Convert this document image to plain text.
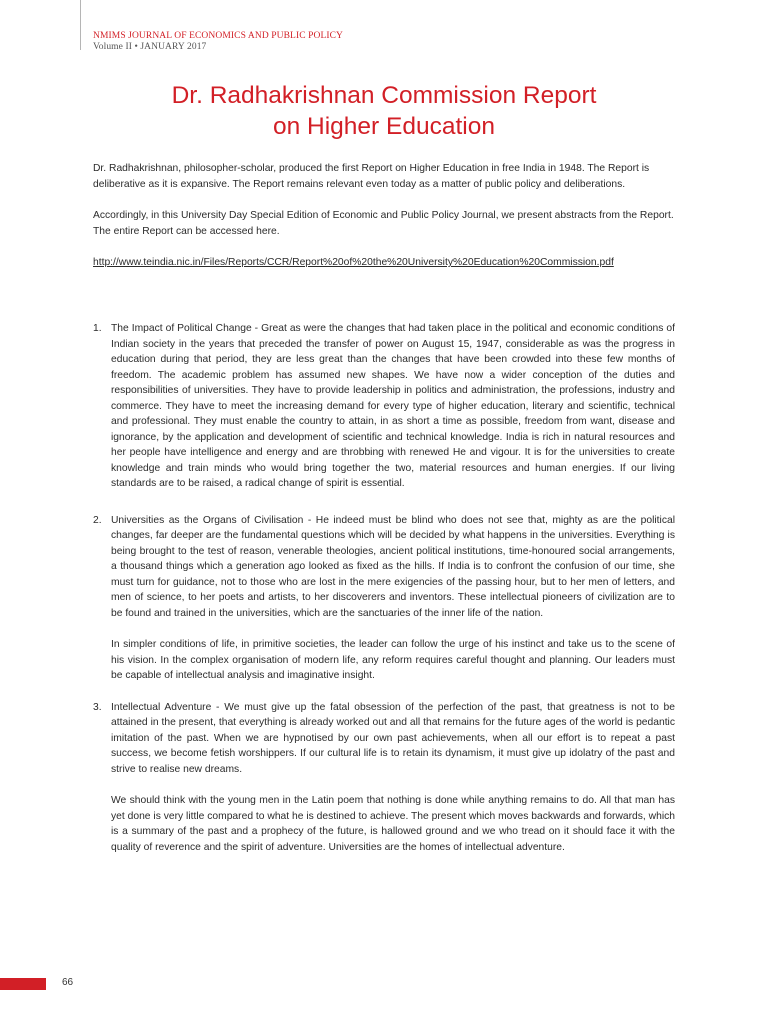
NMIMS JOURNAL OF ECONOMICS AND PUBLIC POLICY
Volume II • JANUARY 2017
Dr. Radhakrishnan Commission Report
on Higher Education

Dr. Radhakrishnan, philosopher-scholar, produced the first Report on Higher Education in free India in 1948. The Report is deliberative as it is expansive. The Report remains relevant even today as a matter of public policy and deliberations.

Accordingly, in this University Day Special Edition of Economic and Public Policy Journal, we present abstracts from the Report. The entire Report can be accessed here.

http://www.teindia.nic.in/Files/Reports/CCR/Report%20of%20the%20University%20Education%20Commission.pdf
1. The Impact of Political Change - Great as were the changes that had taken place in the political and economic conditions of Indian society in the years that preceded the transfer of power on August 15, 1947, considerable as was the progress in education during that period, they are less great than the changes that have been crowded into these few months of freedom. The academic problem has assumed new shapes. We have now a wider conception of the duties and responsibilities of universities. They have to provide leadership in politics and administration, the professions, industry and commerce. They have to meet the increasing demand for every type of higher education, literary and scientific, technical and professional. They must enable the country to attain, in as short a time as possible, freedom from want, disease and ignorance, by the application and development of scientific and technical knowledge. India is rich in natural resources and her people have intelligence and energy and are throbbing with renewed He and vigour. It is for the universities to create knowledge and train minds who would bring together the two, material resources and human energies. If our living standards are to be raised, a radical change of spirit is essential.

2. Universities as the Organs of Civilisation - He indeed must be blind who does not see that, mighty as are the political changes, far deeper are the fundamental questions which will be decided by what happens in the universities. Everything is being brought to the test of reason, venerable theologies, ancient political institutions, time-honoured social arrangements, a thousand things which a generation ago looked as fixed as the hills. If India is to confront the confusion of our time, she must turn for guidance, not to those who are lost in the mere exigencies of the passing hour, but to her men of letters, and men of science, to her poets and artists, to her discoverers and inventors. These intellectual pioneers of civilization are to be found and trained in the universities, which are the sanctuaries of the inner life of the nation.

In simpler conditions of life, in primitive societies, the leader can follow the urge of his instinct and take us to the scene of his vision. In the complex organisation of modern life, any reform requires careful thought and planning. Our leaders must be capable of intellectual analysis and imaginative insight.

3. Intellectual Adventure - We must give up the fatal obsession of the perfection of the past, that greatness is not to be attained in the present, that everything is already worked out and all that remains for the future ages of the world is pedantic imitation of the past. When we are hypnotised by our own past achievements, when all our effort is to repeat a past success, we become fetish worshippers. If our cultural life is to retain its dynamism, it must give up idolatry of the past and strive to realise new dreams.

We should think with the young men in the Latin poem that nothing is done while anything remains to do. All that man has yet done is very little compared to what he is destined to achieve. The present which moves backwards and forwards, which is a summary of the past and a prophecy of the future, is hallowed ground and we who tread on it should face it with the quality of reverence and the spirit of adventure. Universities are the homes of intellectual adventure.

66
